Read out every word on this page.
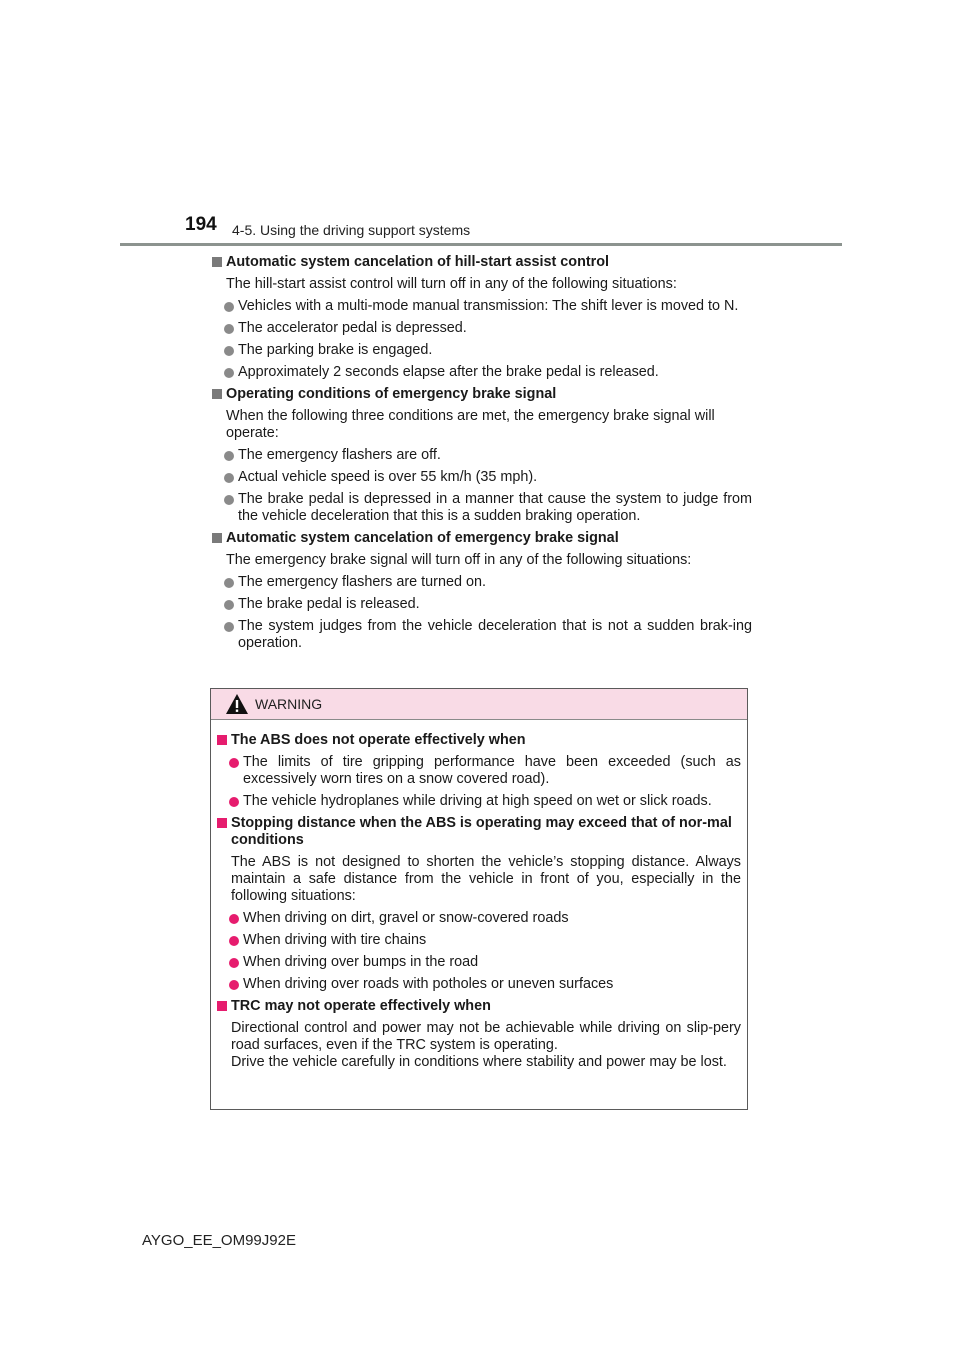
194 4-5. Using the driving support systems
Automatic system cancelation of hill-start assist control
The hill-start assist control will turn off in any of the following situations:
Vehicles with a multi-mode manual transmission: The shift lever is moved to N.
The accelerator pedal is depressed.
The parking brake is engaged.
Approximately 2 seconds elapse after the brake pedal is released.
Operating conditions of emergency brake signal
When the following three conditions are met, the emergency brake signal will operate:
The emergency flashers are off.
Actual vehicle speed is over 55 km/h (35 mph).
The brake pedal is depressed in a manner that cause the system to judge from the vehicle deceleration that this is a sudden braking operation.
Automatic system cancelation of emergency brake signal
The emergency brake signal will turn off in any of the following situations:
The emergency flashers are turned on.
The brake pedal is released.
The system judges from the vehicle deceleration that is not a sudden brak-ing operation.
WARNING
The ABS does not operate effectively when
The limits of tire gripping performance have been exceeded (such as excessively worn tires on a snow covered road).
The vehicle hydroplanes while driving at high speed on wet or slick roads.
Stopping distance when the ABS is operating may exceed that of nor-mal conditions
The ABS is not designed to shorten the vehicle’s stopping distance. Always maintain a safe distance from the vehicle in front of you, especially in the following situations:
When driving on dirt, gravel or snow-covered roads
When driving with tire chains
When driving over bumps in the road
When driving over roads with potholes or uneven surfaces
TRC may not operate effectively when
Directional control and power may not be achievable while driving on slip-pery road surfaces, even if the TRC system is operating.
Drive the vehicle carefully in conditions where stability and power may be lost.
AYGO_EE_OM99J92E
